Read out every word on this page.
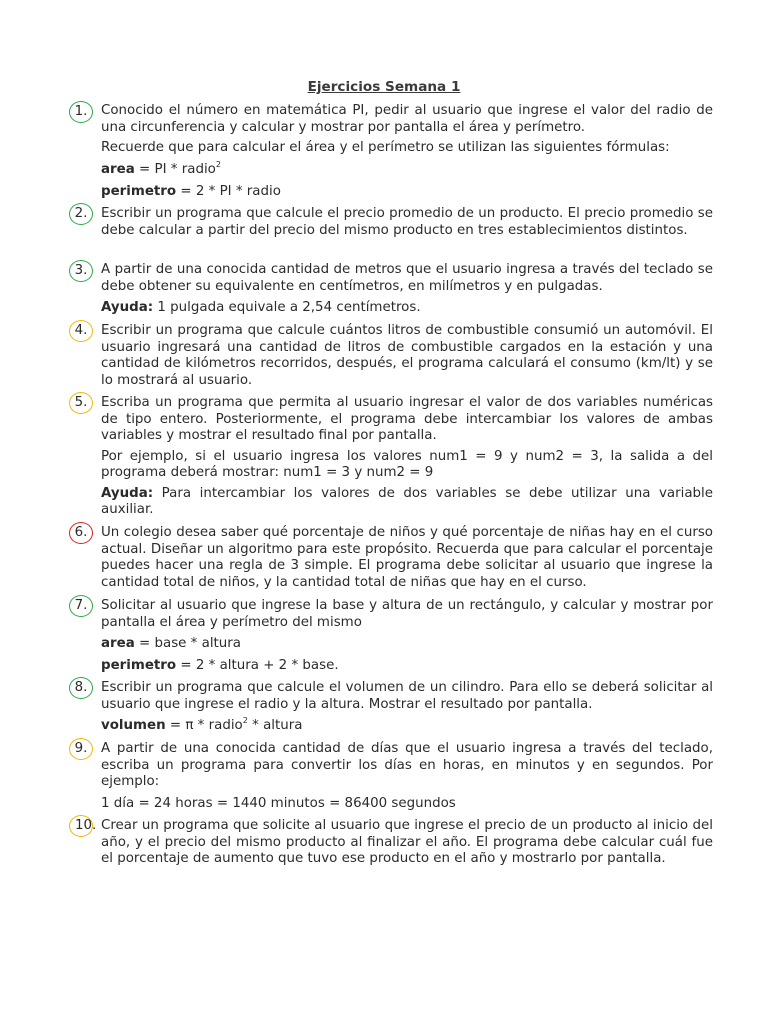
Ejercicios Semana 1
1.	Conocido el número en matemática PI, pedir al usuario que ingrese el valor del radio de una circunferencia y calcular y mostrar por pantalla el área y perímetro.

Recuerde que para calcular el área y el perímetro se utilizan las siguientes fórmulas:

area = PI * radio$^2$

perimetro = 2 * PI * radio

2.	Escribir un programa que calcule el precio promedio de un producto. El precio promedio se debe calcular a partir del precio del mismo producto en tres establecimientos distintos.

3.	A partir de una conocida cantidad de metros que el usuario ingresa a través del teclado se debe obtener su equivalente en centímetros, en milímetros y en pulgadas.

Ayuda: 1 pulgada equivale a 2,54 centímetros.

4.	Escribir un programa que calcule cuántos litros de combustible consumió un automóvil. El usuario ingresará una cantidad de litros de combustible cargados en la estación y una cantidad de kilómetros recorridos, después, el programa calculará el consumo (km/lt) y se lo mostrará al usuario.

5.	Escriba un programa que permita al usuario ingresar el valor de dos variables numéricas de tipo entero. Posteriormente, el programa debe intercambiar los valores de ambas variables y mostrar el resultado final por pantalla.

Por ejemplo, si el usuario ingresa los valores num1 = 9 y num2 = 3, la salida a del programa deberá mostrar: num1 = 3 y num2 = 9

Ayuda: Para intercambiar los valores de dos variables se debe utilizar una variable auxiliar.

6.	Un colegio desea saber qué porcentaje de niños y qué porcentaje de niñas hay en el curso actual. Diseñar un algoritmo para este propósito. Recuerda que para calcular el porcentaje puedes hacer una regla de 3 simple. El programa debe solicitar al usuario que ingrese la cantidad total de niños, y la cantidad total de niñas que hay en el curso.

7.	Solicitar al usuario que ingrese la base y altura de un rectángulo, y calcular y mostrar por pantalla el área y perímetro del mismo

area = base * altura

perimetro = 2 * altura + 2 * base.

8.	Escribir un programa que calcule el volumen de un cilindro. Para ello se deberá solicitar al usuario que ingrese el radio y la altura. Mostrar el resultado por pantalla.

volumen = π * radio$^2$ * altura

9.	A partir de una conocida cantidad de días que el usuario ingresa a través del teclado, escriba un programa para convertir los días en horas, en minutos y en segundos. Por ejemplo:

1 día = 24 horas = 1440 minutos = 86400 segundos

10. Crear un programa que solicite al usuario que ingrese el precio de un producto al inicio del año, y el precio del mismo producto al finalizar el año. El programa debe calcular cuál fue el porcentaje de aumento que tuvo ese producto en el año y mostrarlo por pantalla.
